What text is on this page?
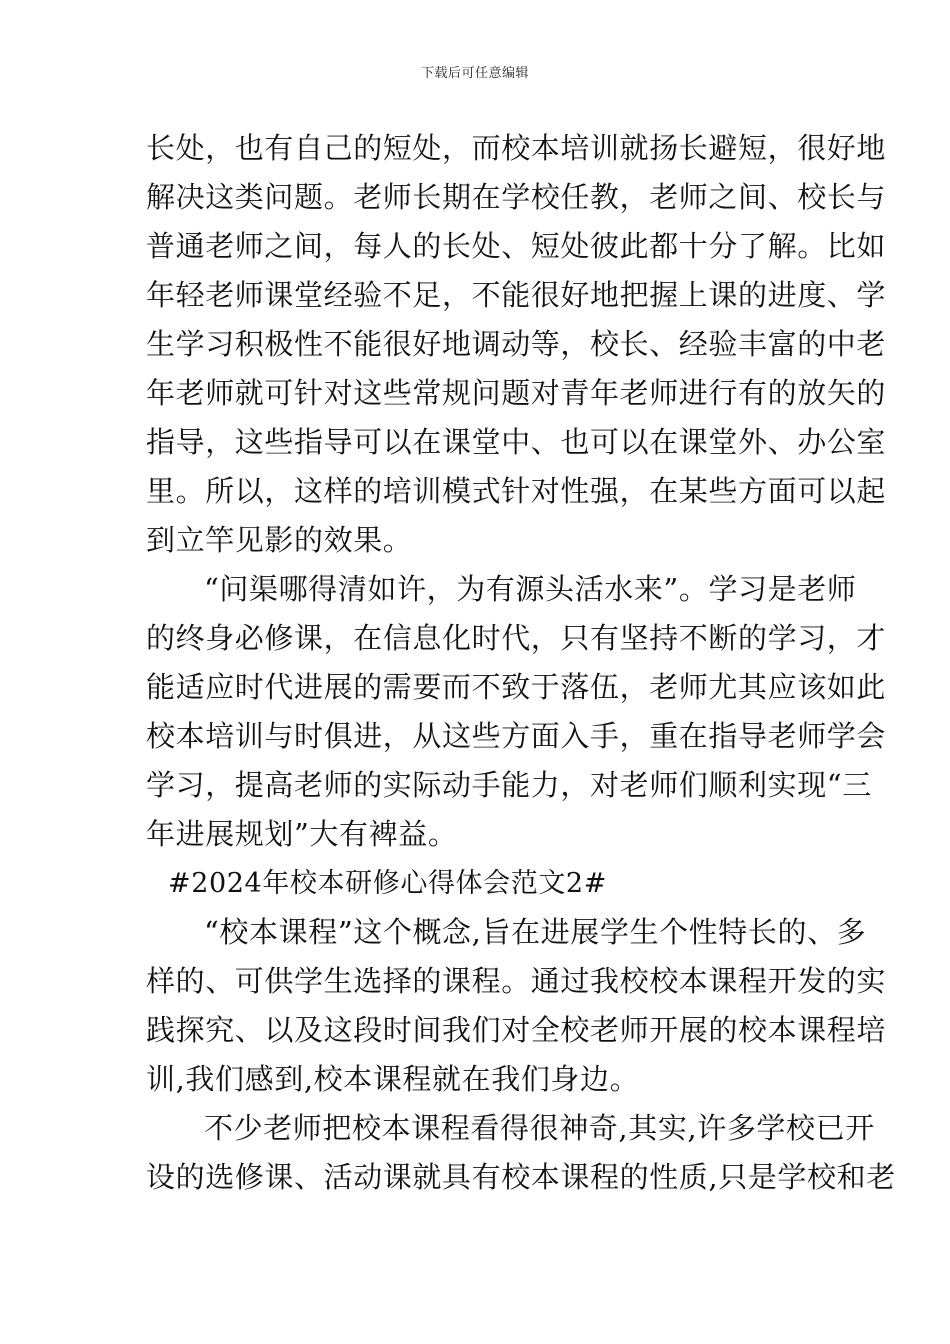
下载后可任意编辑
长处，也有自己的短处，而校本培训就扬长避短，很好地
解决这类问题。老师长期在学校任教，老师之间、校长与
普通老师之间，每人的长处、短处彼此都十分了解。比如
年轻老师课堂经验不足，不能很好地把握上课的进度、学
生学习积极性不能很好地调动等，校长、经验丰富的中老
年老师就可针对这些常规问题对青年老师进行有的放矢的
指导，这些指导可以在课堂中、也可以在课堂外、办公室
里。所以，这样的培训模式针对性强，在某些方面可以起
到立竿见影的效果。
“问渠哪得清如许，为有源头活水来”。学习是老师
的终身必修课，在信息化时代，只有坚持不断的学习，才
能适应时代进展的需要而不致于落伍，老师尤其应该如此
校本培训与时俱进，从这些方面入手，重在指导老师学会
学习，提高老师的实际动手能力，对老师们顺利实现“三
年进展规划”大有裨益。
#2024年校本研修心得体会范文2#
“校本课程”这个概念,旨在进展学生个性特长的、多
样的、可供学生选择的课程。通过我校校本课程开发的实
践探究、以及这段时间我们对全校老师开展的校本课程培
训,我们感到,校本课程就在我们身边。
不少老师把校本课程看得很神奇,其实,许多学校已开
设的选修课、活动课就具有校本课程的性质,只是学校和老
